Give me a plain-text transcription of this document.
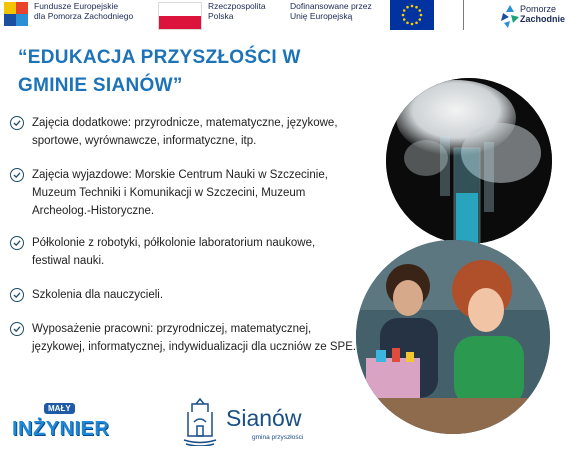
Fundusze Europejskie
dla Pomorza Zachodniego
Rzeczpospolita
Polska
Dofinansowane przez
Unię Europejską
Pomorze
Zachodnie
“EDUKACJA PRZYSZŁOŚCI W
GMINIE SIANÓW”
Zajęcia dodatkowe: przyrodnicze, matematyczne, językowe, sportowe, wyrównawcze, informatyczne, itp.
Zajęcia wyjazdowe: Morskie Centrum Nauki w Szczecinie, Muzeum Techniki i Komunikacji w Szczecini, Muzeum Archeolog.-Historyczne.
Półkolonie z robotyki, półkolonie laboratorium naukowe, festiwal nauki.
Szkolenia dla nauczycieli.
Wyposażenie pracowni: przyrodniczej, matematycznej, językowej, informatycznej, indywidualizacji dla uczniów ze SPE.
MAŁY
INŻYNIER	Sianów
gmina przyszłości
